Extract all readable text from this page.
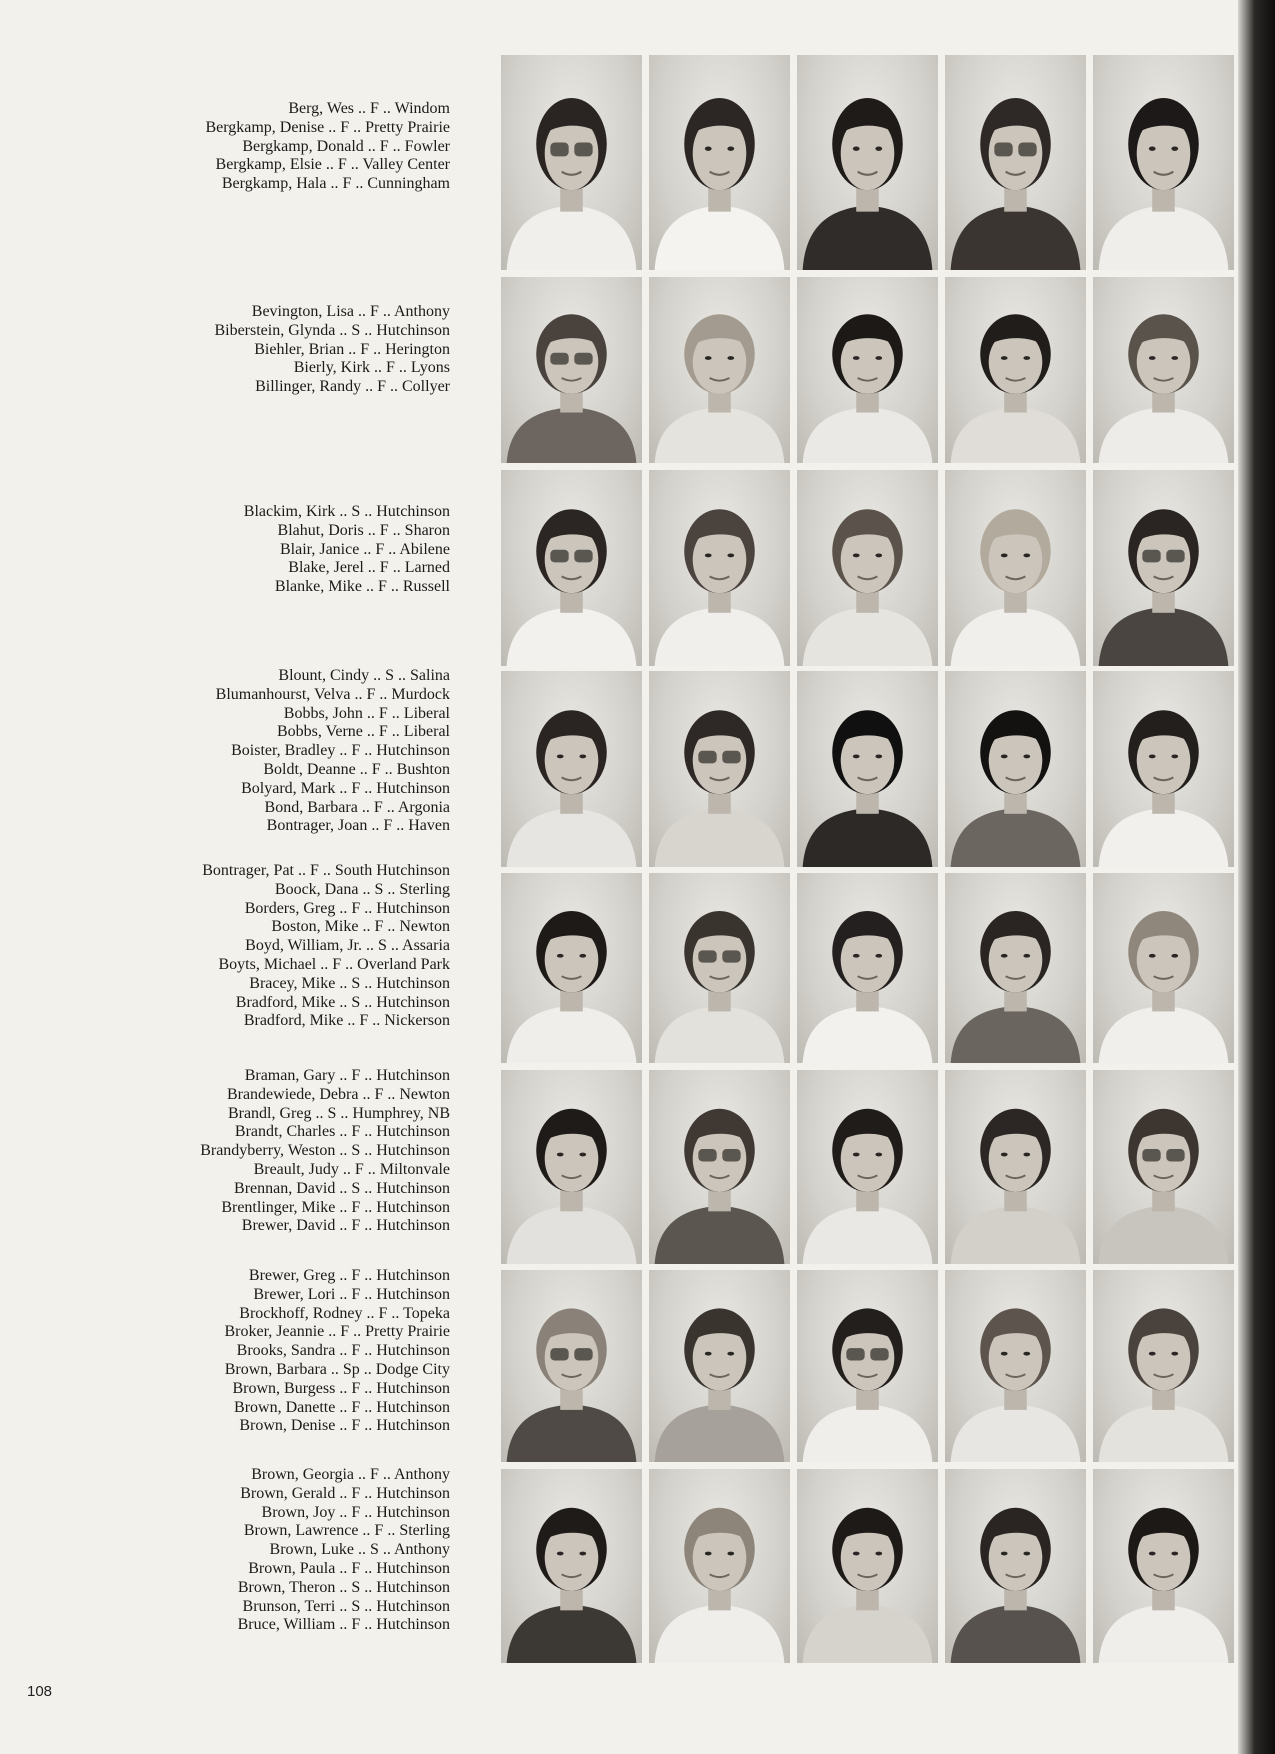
Berg, Wes .. F .. Windom
Bergkamp, Denise .. F .. Pretty Prairie
Bergkamp, Donald .. F .. Fowler
Bergkamp, Elsie .. F .. Valley Center
Bergkamp, Hala .. F .. Cunningham
Bevington, Lisa .. F .. Anthony
Biberstein, Glynda .. S .. Hutchinson
Biehler, Brian .. F .. Herington
Bierly, Kirk .. F .. Lyons
Billinger, Randy .. F .. Collyer
Blackim, Kirk .. S .. Hutchinson
Blahut, Doris .. F .. Sharon
Blair, Janice .. F .. Abilene
Blake, Jerel .. F .. Larned
Blanke, Mike .. F .. Russell
Blount, Cindy .. S .. Salina
Blumanhourst, Velva .. F .. Murdock
Bobbs, John .. F .. Liberal
Bobbs, Verne .. F .. Liberal
Boister, Bradley .. F .. Hutchinson
Boldt, Deanne .. F .. Bushton
Bolyard, Mark .. F .. Hutchinson
Bond, Barbara .. F .. Argonia
Bontrager, Joan .. F .. Haven
Bontrager, Pat .. F .. South Hutchinson
Boock, Dana .. S .. Sterling
Borders, Greg .. F .. Hutchinson
Boston, Mike .. F .. Newton
Boyd, William, Jr. .. S .. Assaria
Boyts, Michael .. F .. Overland Park
Bracey, Mike .. S .. Hutchinson
Bradford, Mike .. S .. Hutchinson
Bradford, Mike .. F .. Nickerson
Braman, Gary .. F .. Hutchinson
Brandewiede, Debra .. F .. Newton
Brandl, Greg .. S .. Humphrey, NB
Brandt, Charles .. F .. Hutchinson
Brandyberry, Weston .. S .. Hutchinson
Breault, Judy .. F .. Miltonvale
Brennan, David .. S .. Hutchinson
Brentlinger, Mike .. F .. Hutchinson
Brewer, David .. F .. Hutchinson
Brewer, Greg .. F .. Hutchinson
Brewer, Lori .. F .. Hutchinson
Brockhoff, Rodney .. F .. Topeka
Broker, Jeannie .. F .. Pretty Prairie
Brooks, Sandra .. F .. Hutchinson
Brown, Barbara .. Sp .. Dodge City
Brown, Burgess .. F .. Hutchinson
Brown, Danette .. F .. Hutchinson
Brown, Denise .. F .. Hutchinson
Brown, Georgia .. F .. Anthony
Brown, Gerald .. F .. Hutchinson
Brown, Joy .. F .. Hutchinson
Brown, Lawrence .. F .. Sterling
Brown, Luke .. S .. Anthony
Brown, Paula .. F .. Hutchinson
Brown, Theron .. S .. Hutchinson
Brunson, Terri .. S .. Hutchinson
Bruce, William .. F .. Hutchinson
108
